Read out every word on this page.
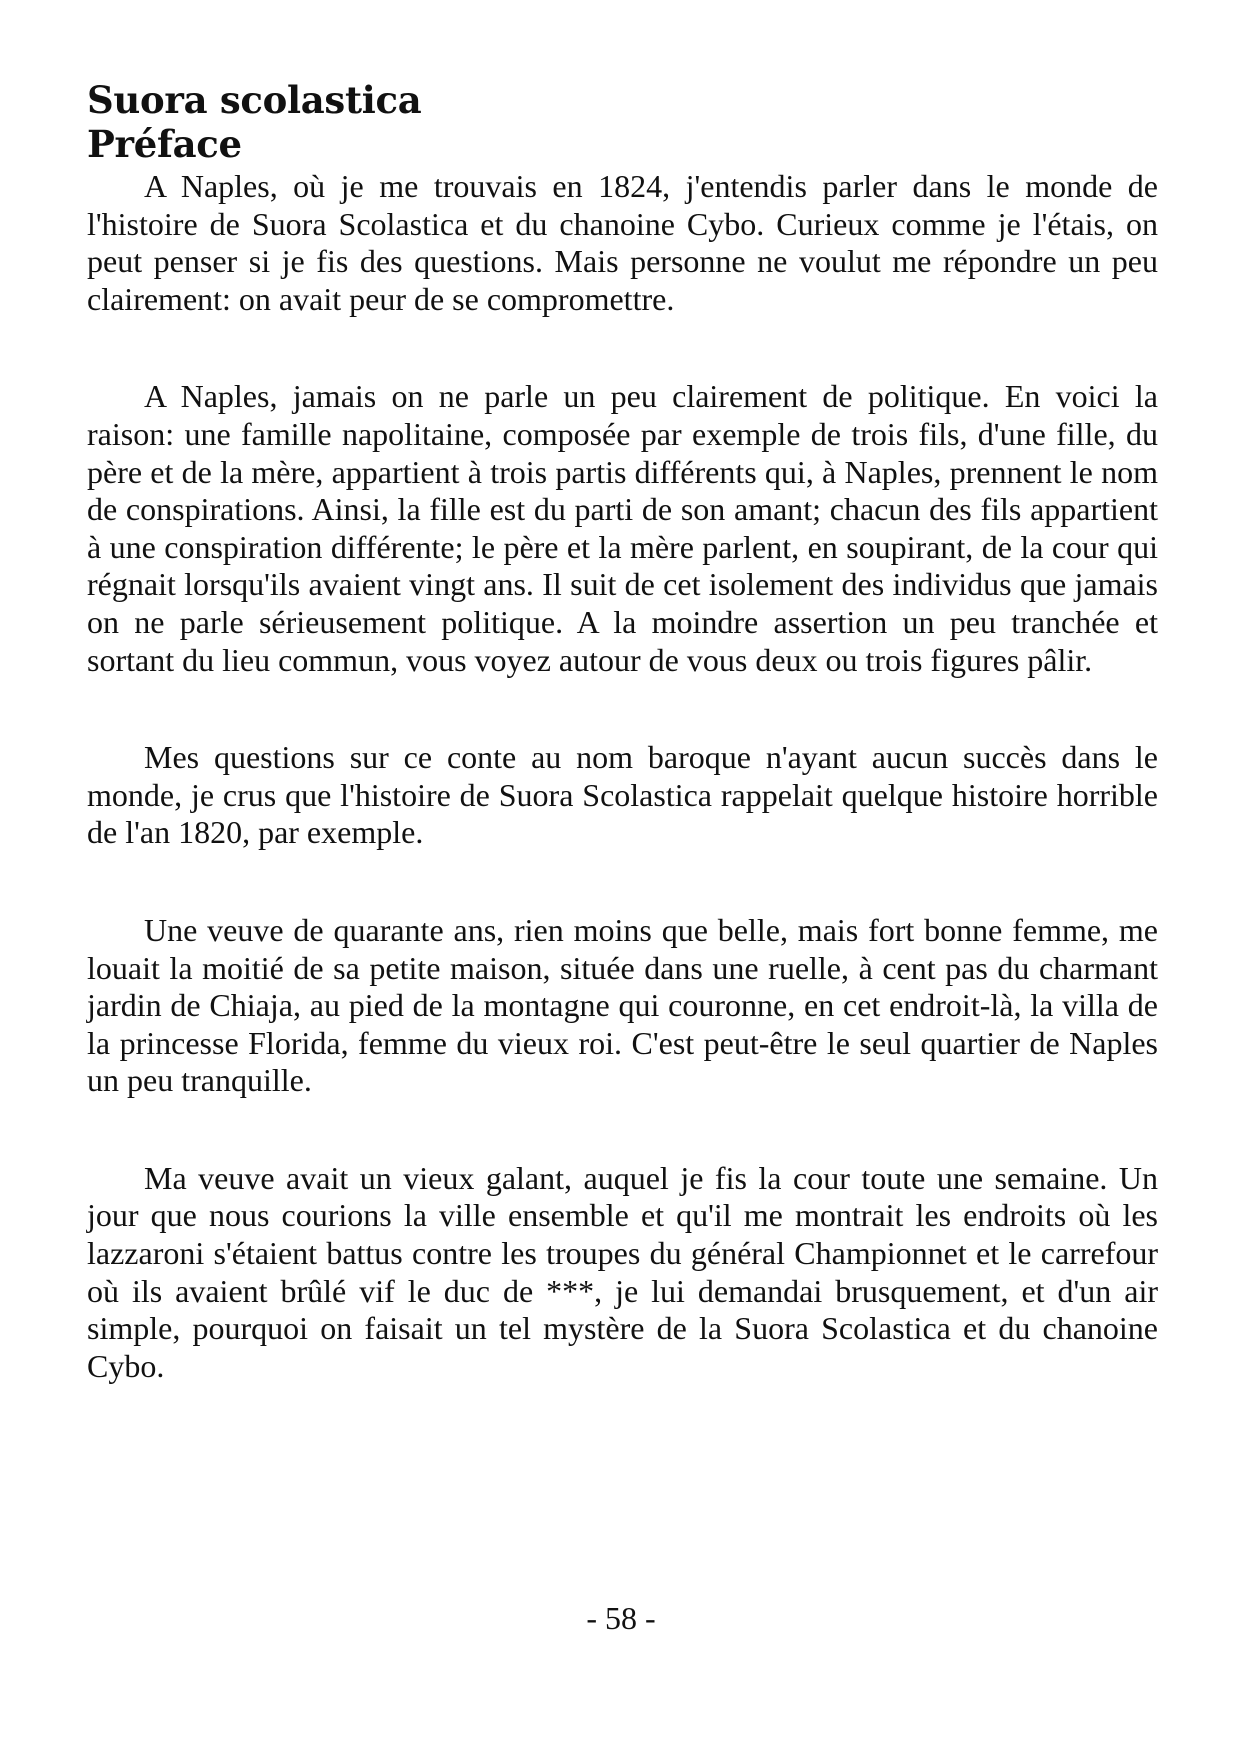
Suora scolastica
Préface

A Naples, où je me trouvais en 1824, j'entendis parler dans le monde de l'histoire de Suora Scolastica et du chanoine Cybo. Curieux comme je l'étais, on peut penser si je fis des questions. Mais personne ne voulut me répondre un peu clairement: on avait peur de se compromettre.

A Naples, jamais on ne parle un peu clairement de politique. En voici la raison: une famille napolitaine, composée par exemple de trois fils, d'une fille, du père et de la mère, appartient à trois partis différents qui, à Naples, prennent le nom de conspirations. Ainsi, la fille est du parti de son amant; chacun des fils appartient à une conspiration différente; le père et la mère parlent, en soupirant, de la cour qui régnait lorsqu'ils avaient vingt ans. Il suit de cet isolement des individus que jamais on ne parle sérieusement politique. A la moindre assertion un peu tranchée et sortant du lieu commun, vous voyez autour de vous deux ou trois figures pâlir.

Mes questions sur ce conte au nom baroque n'ayant aucun succès dans le monde, je crus que l'histoire de Suora Scolastica rappelait quelque histoire horrible de l'an 1820, par exemple.

Une veuve de quarante ans, rien moins que belle, mais fort bonne femme, me louait la moitié de sa petite maison, située dans une ruelle, à cent pas du charmant jardin de Chiaja, au pied de la montagne qui couronne, en cet endroit-là, la villa de la princesse Florida, femme du vieux roi. C'est peut-être le seul quartier de Naples un peu tranquille.

Ma veuve avait un vieux galant, auquel je fis la cour toute une semaine. Un jour que nous courions la ville ensemble et qu'il me montrait les endroits où les lazzaroni s'étaient battus contre les troupes du général Championnet et le carrefour où ils avaient brûlé vif le duc de ***, je lui demandai brusquement, et d'un air simple, pourquoi on faisait un tel mystère de la Suora Scolastica et du chanoine Cybo.

- 58 -
